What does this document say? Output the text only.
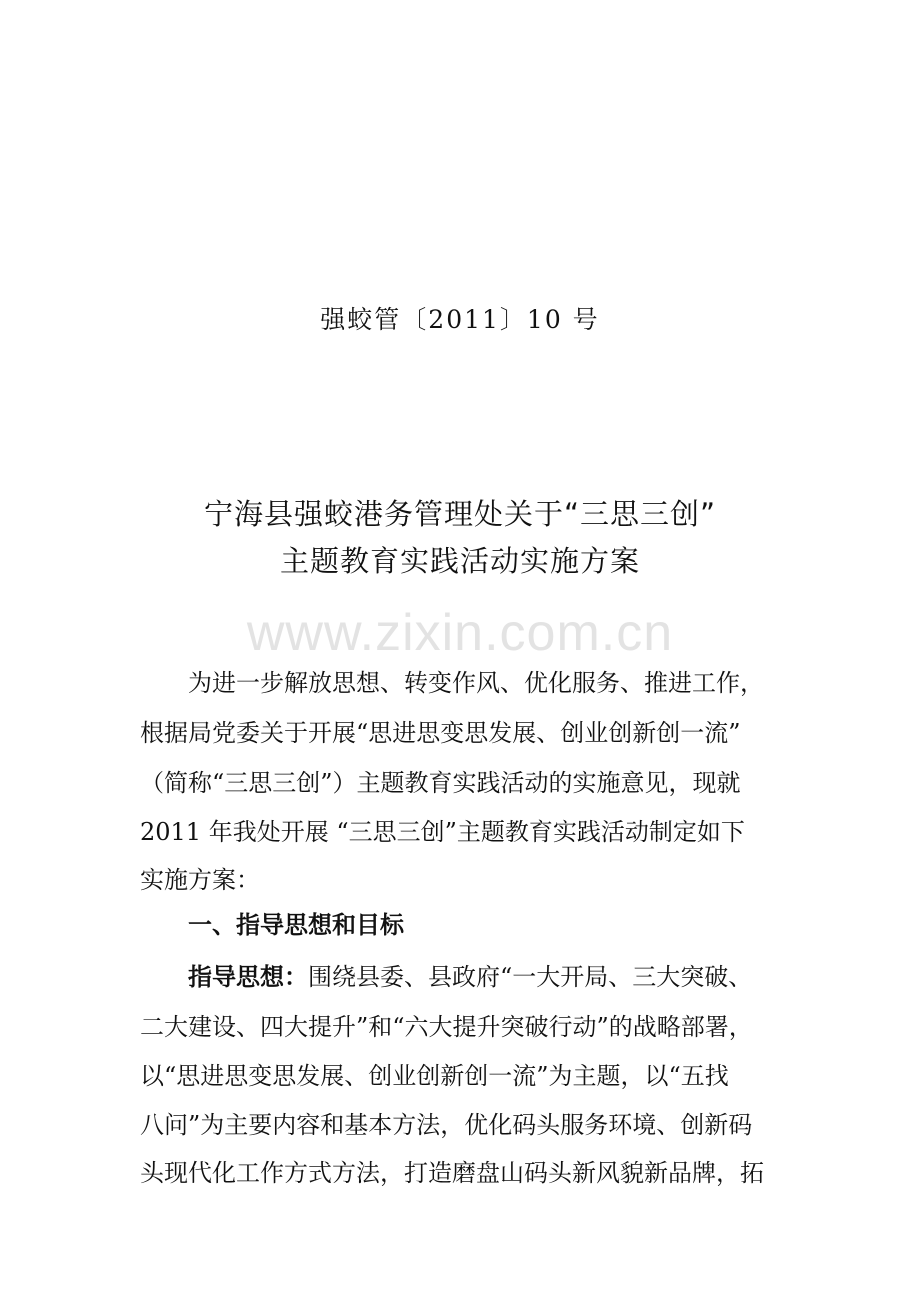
强蛟管〔2011〕10 号
宁海县强蛟港务管理处关于“三思三创”
主题教育实践活动实施方案
www.zixin.com.cn
为进一步解放思想、转变作风、优化服务、推进工作，
根据局党委关于开展“思进思变思发展、创业创新创一流”
（简称“三思三创”）主题教育实践活动的实施意见，现就
2011 年我处开展 “三思三创”主题教育实践活动制定如下
实施方案：
一、指导思想和目标
指导思想：围绕县委、县政府“一大开局、三大突破、
二大建设、四大提升”和“六大提升突破行动”的战略部署，
以“思进思变思发展、创业创新创一流”为主题，以“五找
八问”为主要内容和基本方法，优化码头服务环境、创新码
头现代化工作方式方法，打造磨盘山码头新风貌新品牌，拓
